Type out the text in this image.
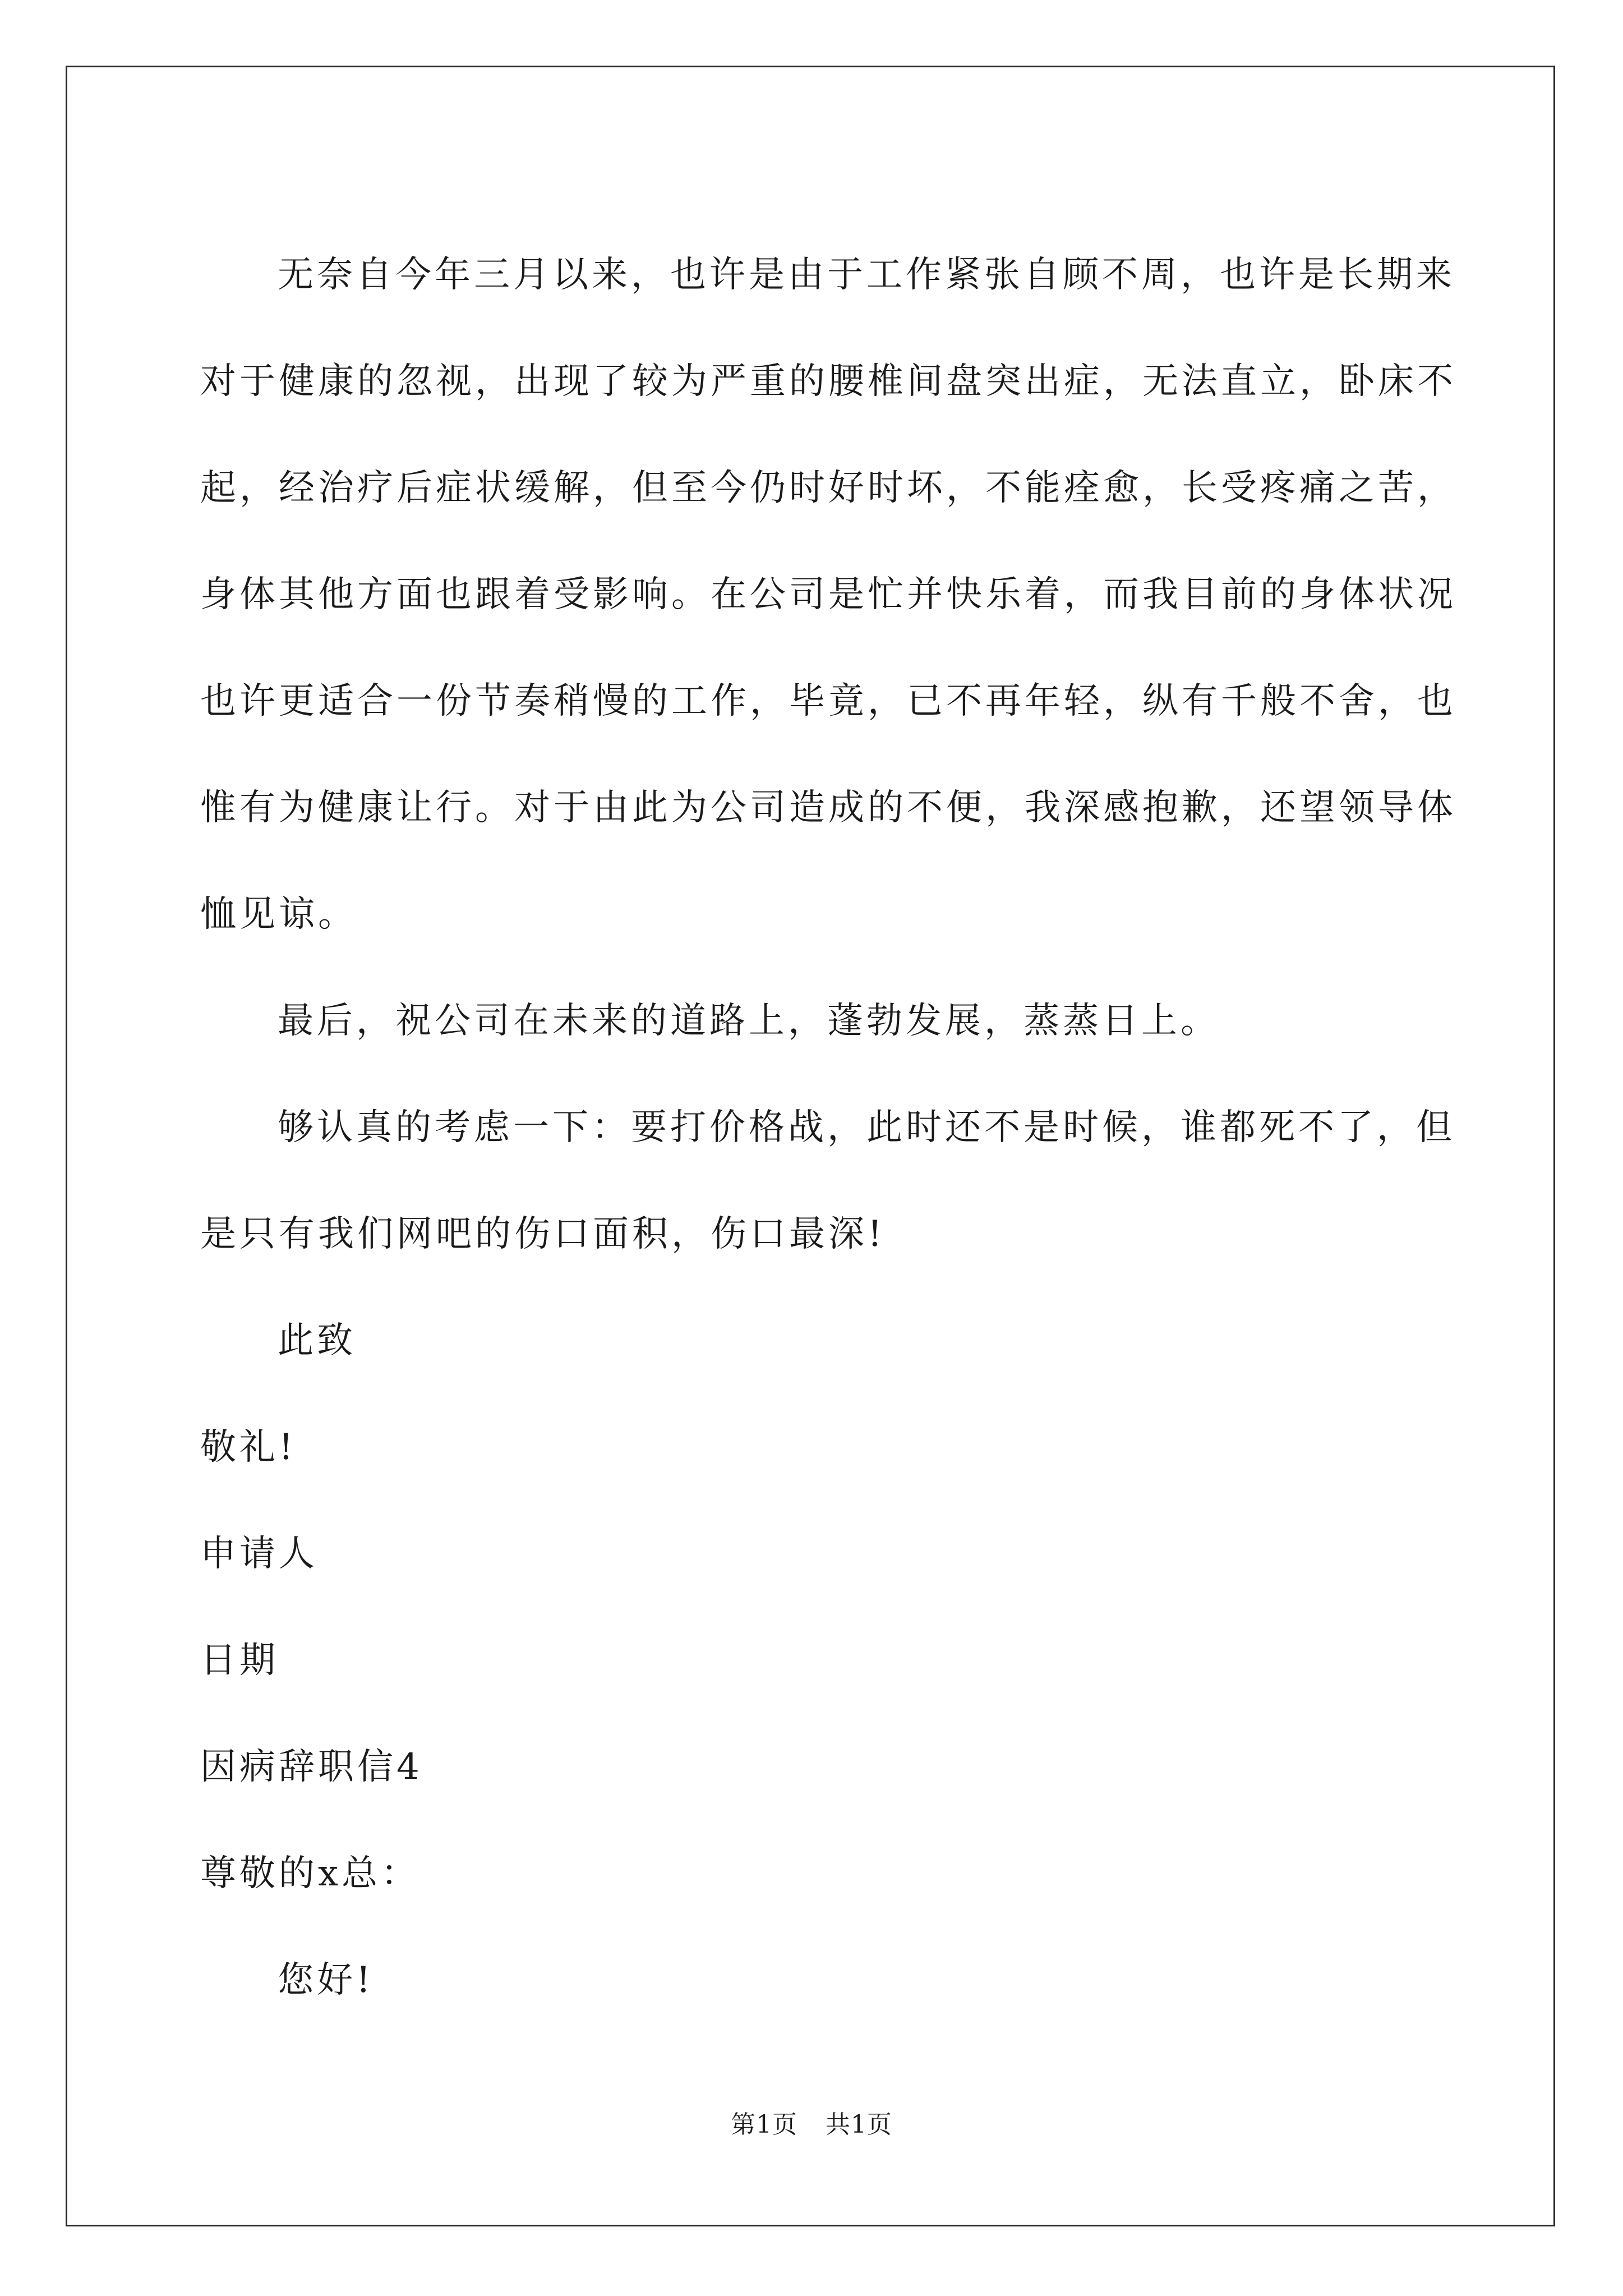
无奈自今年三月以来，也许是由于工作紧张自顾不周，也许是长期来对于健康的忽视，出现了较为严重的腰椎间盘突出症，无法直立，卧床不起，经治疗后症状缓解，但至今仍时好时坏，不能痊愈，长受疼痛之苦，身体其他方面也跟着受影响。在公司是忙并快乐着，而我目前的身体状况也许更适合一份节奏稍慢的工作，毕竟，已不再年轻，纵有千般不舍，也惟有为健康让行。对于由此为公司造成的不便，我深感抱歉，还望领导体恤见谅。

最后，祝公司在未来的道路上，蓬勃发展，蒸蒸日上。

够认真的考虑一下：要打价格战，此时还不是时候，谁都死不了，但是只有我们网吧的伤口面积，伤口最深!

此致

敬礼!

申请人

日期

因病辞职信4

尊敬的x总：

您好!

第1页 共1页
